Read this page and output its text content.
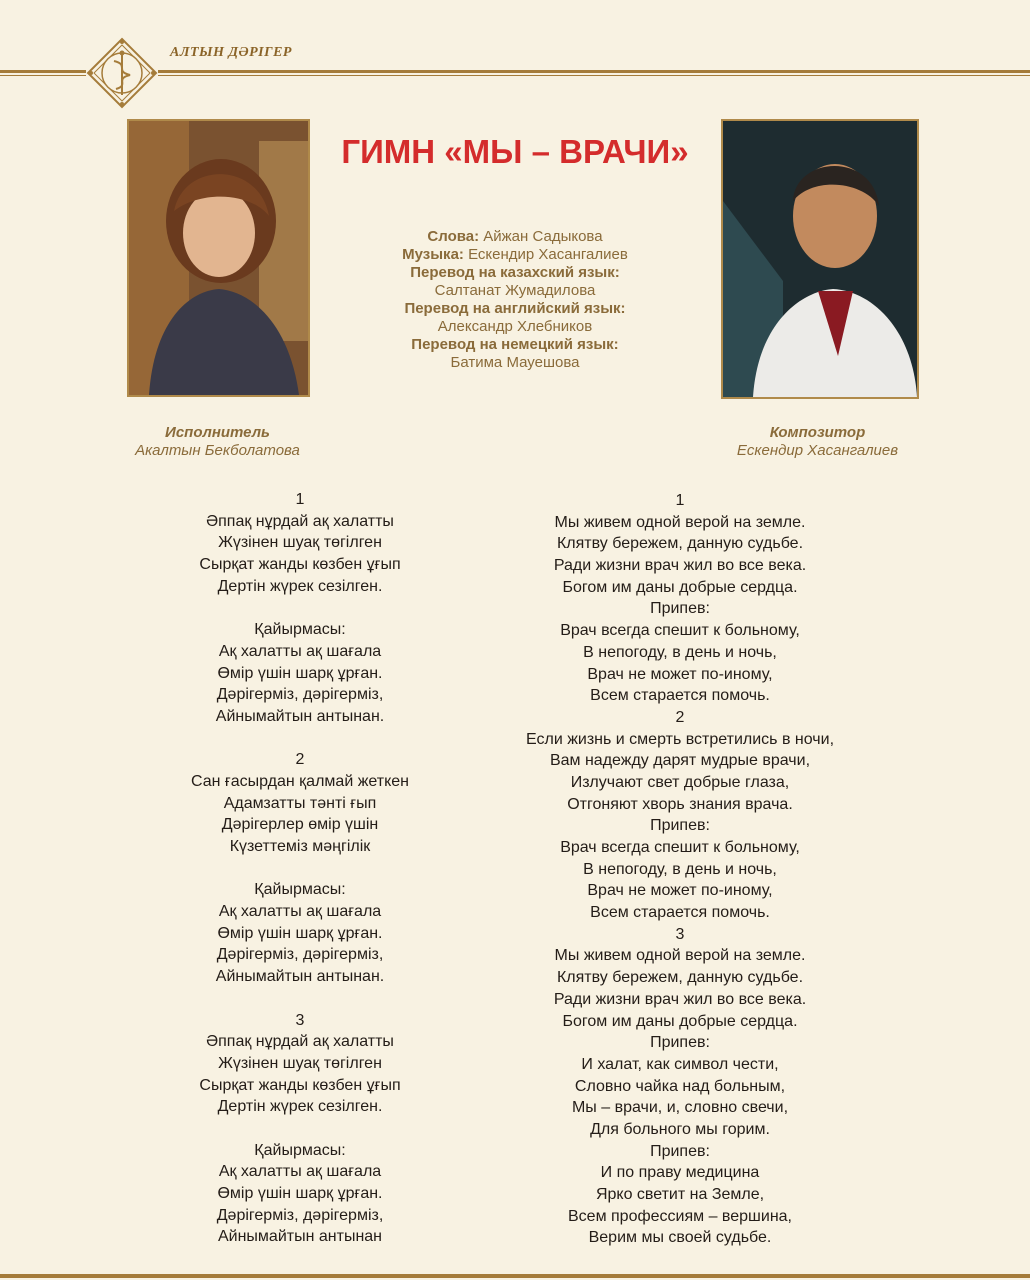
АЛТЫН ДӘРІГЕР
ГИМН «МЫ – ВРАЧИ»
Слова: Айжан Садыкова
Музыка: Ескендир Хасангалиев
Перевод на казахский язык:
Салтанат Жумадилова
Перевод на английский язык:
Александр Хлебников
Перевод на немецкий язык:
Батима Мауешова
Исполнитель
Акалтын Бекболатова
Композитор
Ескендир Хасангалиев
1
Әппақ нұрдай ақ халатты
Жүзінен шуақ төгілген
Сырқат жанды көзбен ұғып
Дертін жүрек сезілген.
Қайырмасы:
Ақ халатты ақ шағала
Өмір үшін шарқ ұрған.
Дәрігерміз, дәрігерміз,
Айнымайтын антынан.
2
Сан ғасырдан қалмай жеткен
Адамзатты тәнті ғып
Дәрігерлер өмір үшін
Күзеттеміз мәңгілік
Қайырмасы:
Ақ халатты ақ шағала
Өмір үшін шарқ ұрған.
Дәрігерміз, дәрігерміз,
Айнымайтын антынан.
3
Әппақ нұрдай ақ халатты
Жүзінен шуақ төгілген
Сырқат жанды көзбен ұғып
Дертін жүрек сезілген.
Қайырмасы:
Ақ халатты ақ шағала
Өмір үшін шарқ ұрған.
Дәрігерміз, дәрігерміз,
Айнымайтын антынан
1
Мы живем одной верой на земле.
Клятву бережем, данную судьбе.
Ради жизни врач жил во все века.
Богом им даны добрые сердца.
Припев:
Врач всегда спешит к больному,
В непогоду, в день и ночь,
Врач не может по-иному,
Всем старается помочь.
2
Если жизнь и смерть встретились в ночи,
Вам надежду дарят мудрые врачи,
Излучают свет добрые глаза,
Отгоняют хворь знания врача.
Припев:
Врач всегда спешит к больному,
В непогоду, в день и ночь,
Врач не может по-иному,
Всем старается помочь.
3
Мы живем одной верой на земле.
Клятву бережем, данную судьбе.
Ради жизни врач жил во все века.
Богом им даны добрые сердца.
Припев:
И халат, как символ чести,
Словно чайка над больным,
Мы – врачи, и, словно свечи,
Для больного мы горим.
Припев:
И по праву медицина
Ярко светит на Земле,
Всем профессиям – вершина,
Верим мы своей судьбе.
